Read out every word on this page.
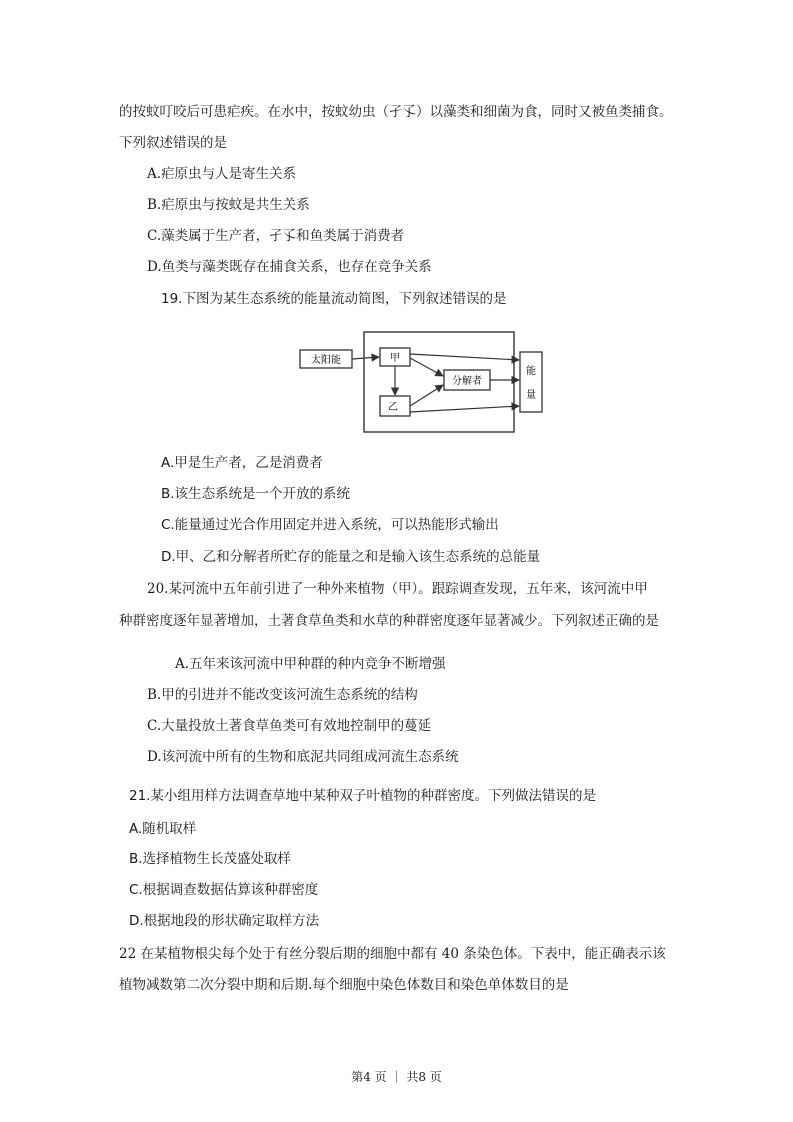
的按蚊叮咬后可患疟疾。在水中，按蚊幼虫（孑孓）以藻类和细菌为食，同时又被鱼类捕食。
下列叙述错误的是
A.疟原虫与人是寄生关系
B.疟原虫与按蚊是共生关系
C.藻类属于生产者，孑孓和鱼类属于消费者
D.鱼类与藻类既存在捕食关系，也存在竞争关系
19.下图为某生态系统的能量流动简图，下列叙述错误的是
太阳能	甲
乙
分解者
能
量
A.甲是生产者，乙是消费者
B.该生态系统是一个开放的系统
C.能量通过光合作用固定并进入系统，可以热能形式输出
D.甲、乙和分解者所贮存的能量之和是输入该生态系统的总能量
20.某河流中五年前引进了一种外来植物（甲）。跟踪调查发现，五年来，该河流中甲
种群密度逐年显著增加，土著食草鱼类和水草的种群密度逐年显著减少。下列叙述正确的是
A.五年来该河流中甲种群的种内竞争不断增强
B.甲的引进并不能改变该河流生态系统的结构
C.大量投放土著食草鱼类可有效地控制甲的蔓延
D.该河流中所有的生物和底泥共同组成河流生态系统
21.某小组用样方法调查草地中某种双子叶植物的种群密度。下列做法错误的是
A.随机取样
B.选择植物生长茂盛处取样
C.根据调查数据估算该种群密度
D.根据地段的形状确定取样方法
22 在某植物根尖每个处于有丝分裂后期的细胞中都有 40 条染色体。下表中，能正确表示该
植物减数第二次分裂中期和后期.每个细胞中染色体数目和染色单体数目的是
第4 页 ｜ 共8 页
